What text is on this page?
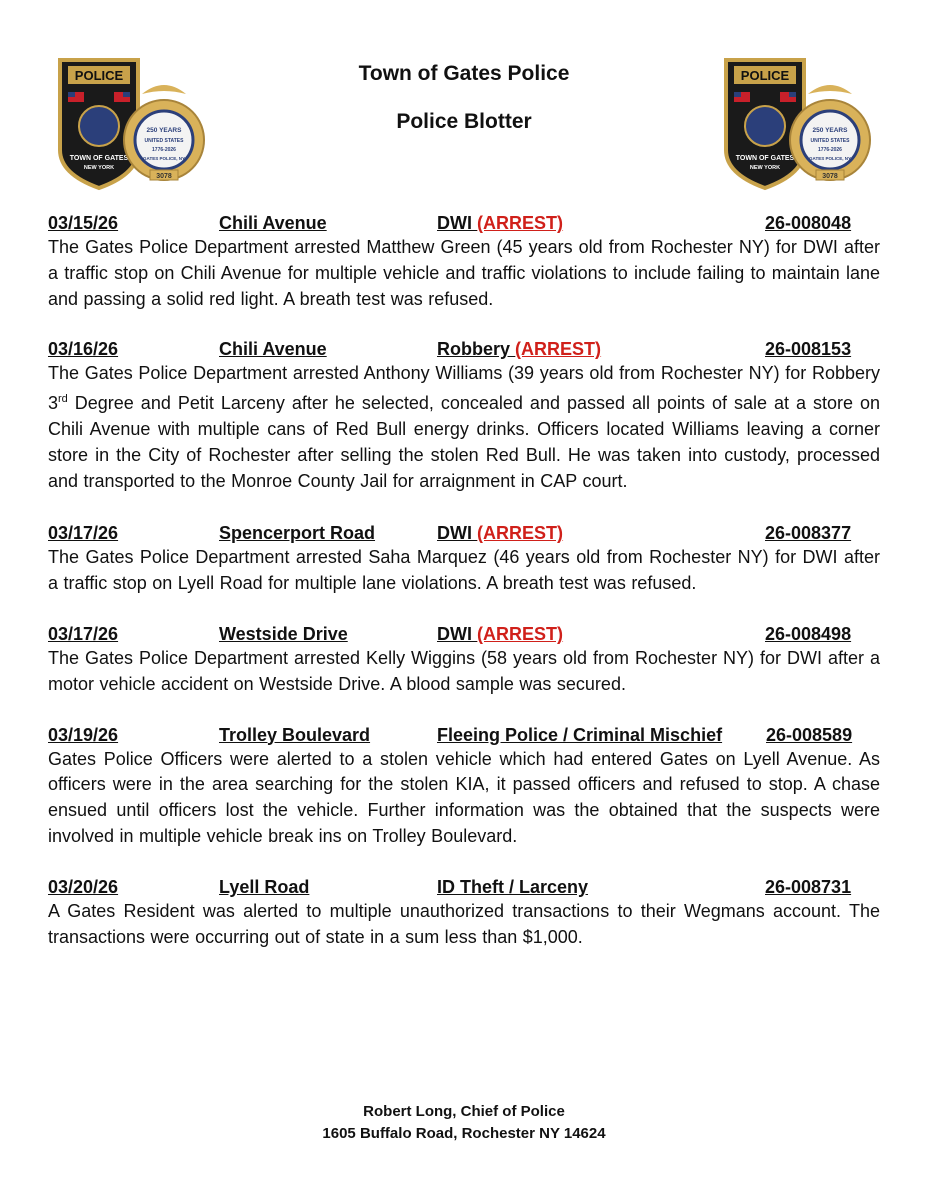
POLICE
TOWN OF GATES
NEW YORK
250 YEARS
UNITED STATES
1776-2026
GATES POLICE, NY
3078
POLICE
TOWN OF GATES
NEW YORK
250 YEARS
UNITED STATES
1776-2026
GATES POLICE, NY
3078
Town of Gates Police
Police Blotter
03/15/26	Chili Avenue	DWI (ARREST)	26-008048

The Gates Police Department arrested Matthew Green (45 years old from Rochester NY) for DWI after a traffic stop on Chili Avenue for multiple vehicle and traffic violations to include failing to maintain lane and passing a solid red light. A breath test was refused.

03/16/26	Chili Avenue	Robbery (ARREST)	26-008153

The Gates Police Department arrested Anthony Williams (39 years old from Rochester NY) for Robbery 3rd Degree and Petit Larceny after he selected, concealed and passed all points of sale at a store on Chili Avenue with multiple cans of Red Bull energy drinks. Officers located Williams leaving a corner store in the City of Rochester after selling the stolen Red Bull. He was taken into custody, processed and transported to the Monroe County Jail for arraignment in CAP court.

03/17/26	Spencerport Road	DWI (ARREST)	26-008377

The Gates Police Department arrested Saha Marquez (46 years old from Rochester NY) for DWI after a traffic stop on Lyell Road for multiple lane violations. A breath test was refused.

03/17/26	Westside Drive	DWI (ARREST)	26-008498

The Gates Police Department arrested Kelly Wiggins (58 years old from Rochester NY) for DWI after a motor vehicle accident on Westside Drive. A blood sample was secured.

03/19/26	Trolley Boulevard	Fleeing Police / Criminal Mischief 26-008589

Gates Police Officers were alerted to a stolen vehicle which had entered Gates on Lyell Avenue. As officers were in the area searching for the stolen KIA, it passed officers and refused to stop. A chase ensued until officers lost the vehicle. Further information was the obtained that the suspects were involved in multiple vehicle break ins on Trolley Boulevard.

03/20/26	Lyell Road	ID Theft / Larceny	26-008731

A Gates Resident was alerted to multiple unauthorized transactions to their Wegmans account. The transactions were occurring out of state in a sum less than $1,000.

Robert Long, Chief of Police
1605 Buffalo Road, Rochester NY 14624
